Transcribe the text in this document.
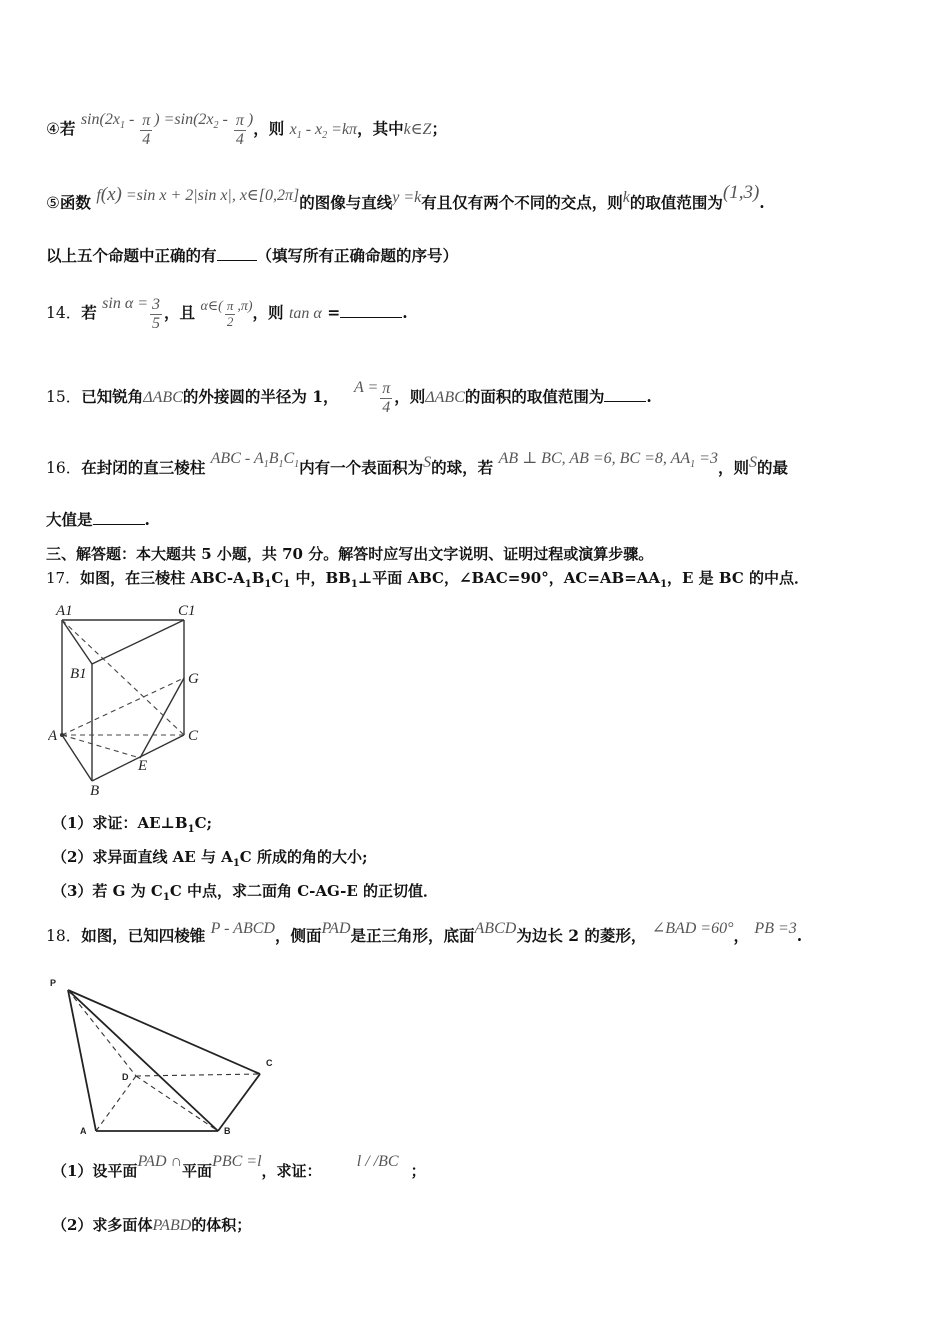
④若 $\sin(2x_1 - \frac{\pi}{4}$ ) $=\sin(2x_2 - \frac{\pi}{4}$ )，则 $x_1 - x_2 =k\pi$，其中k∈Z；
⑤函数 f(x) =sin x + 2|sin x|, x∈[0,2π]的图像与直线y =k有且仅有两个不同的交点，则k的取值范围为(1,3).
以上五个命题中正确的有	（填写所有正确命题的序号）
14．若 $\sin \alpha = \frac{3}{5}$ ，且 α∈( $\frac{\pi}{2} ,\pi$)，则 tan α =	.
15．已知锐角ΔABC的外接圆的半径为 1， $A = \frac{\pi}{4}$ ，则ΔABC的面积的取值范围为	.
16．在封闭的直三棱柱 ABC - $A_1B_1C_1$内有一个表面积为S的球，若 AB ⊥ BC, AB =6, BC =8, $AA_1 =3$，则S的最
大值是	.
三、解答题：本大题共 5 小题，共 70 分。解答时应写出文字说明、证明过程或演算步骤。
17．如图，在三棱柱 ABC-$A_1B_1C_1$ 中，$BB_1\perp$平面 ABC，∠BAC=90°，$AC=AB=AA_1$，E 是 BC 的中点．
A1	C1
B1	G
A	C
E
B
（1）求证：$AE\perp B_1C$;
（2）求异面直线 AE 与 $A_1C$ 所成的角的大小;
（3）若 G 为 $C_1C$ 中点，求二面角 C-AG-E 的正切值．
18．如图，已知四棱锥 P - ABCD，侧面PAD是正三角形，底面ABCD为边长 2 的菱形， ∠BAD =60°， PB =3.
P
C
D
A	B
（1）设平面PAD ∩平面PBC =l，求证： l / /BC；
（2）求多面体PABD的体积；
